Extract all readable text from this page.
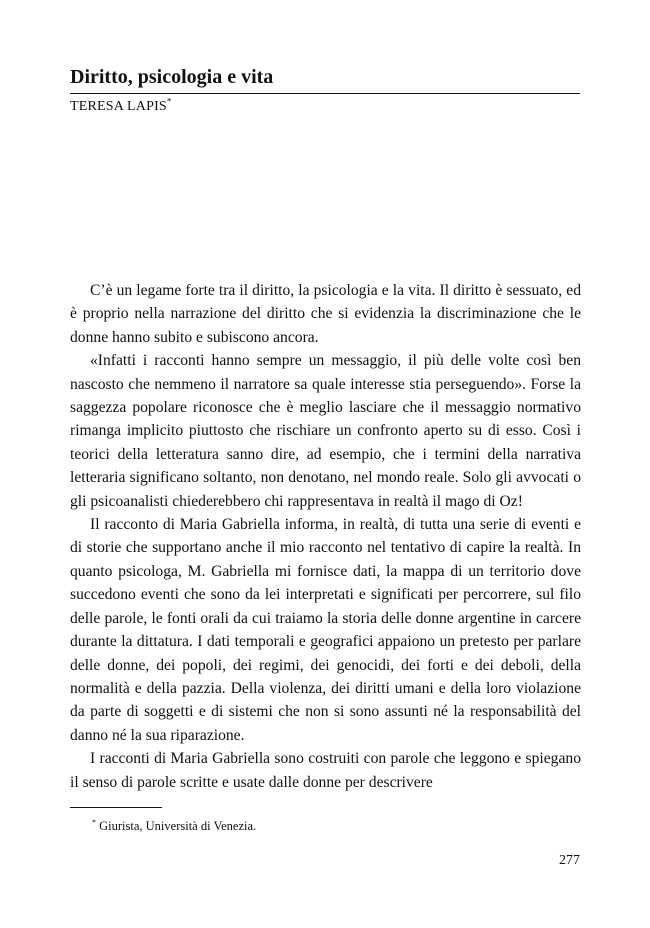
Diritto, psicologia e vita
TERESA LAPIS*

C’è un legame forte tra il diritto, la psicologia e la vita. Il diritto è sessuato, ed è proprio nella narrazione del diritto che si evidenzia la discriminazione che le donne hanno subito e subiscono ancora.

«Infatti i racconti hanno sempre un messaggio, il più delle volte così ben nascosto che nemmeno il narratore sa quale interesse stia perseguendo». Forse la saggezza popolare riconosce che è meglio lasciare che il messaggio normativo rimanga implicito piuttosto che rischiare un confronto aperto su di esso. Così i teorici della letteratura sanno dire, ad esempio, che i termini della narrativa letteraria significano soltanto, non denotano, nel mondo reale. Solo gli avvocati o gli psicoanalisti chiederebbero chi rappresentava in realtà il mago di Oz!

Il racconto di Maria Gabriella informa, in realtà, di tutta una serie di eventi e di storie che supportano anche il mio racconto nel tentativo di capire la realtà. In quanto psicologa, M. Gabriella mi fornisce dati, la mappa di un territorio dove succedono eventi che sono da lei interpretati e significati per percorrere, sul filo delle parole, le fonti orali da cui traiamo la storia delle donne argentine in carcere durante la dittatura. I dati temporali e geografici appaiono un pretesto per parlare delle donne, dei popoli, dei regimi, dei genocidi, dei forti e dei deboli, della normalità e della pazzia. Della violenza, dei diritti umani e della loro violazione da parte di soggetti e di sistemi che non si sono assunti né la responsabilità del danno né la sua riparazione.

I racconti di Maria Gabriella sono costruiti con parole che leggono e spiegano il senso di parole scritte e usate dalle donne per descrivere

* Giurista, Università di Venezia.
277
